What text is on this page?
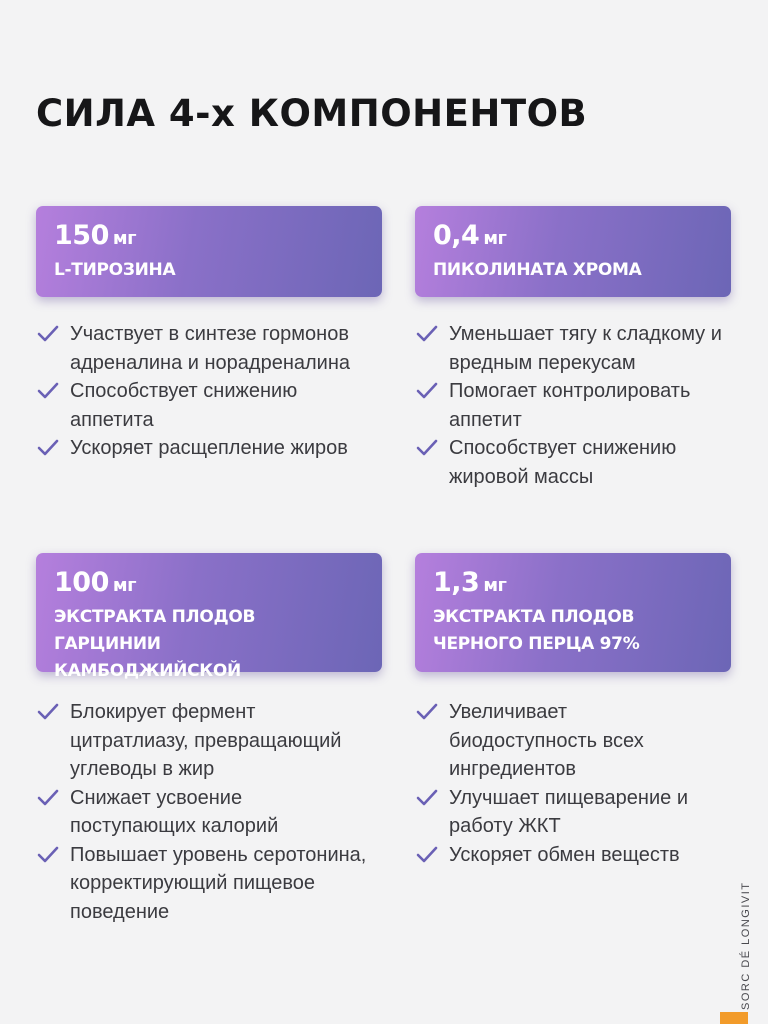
СИЛА 4-х КОМПОНЕНТОВ
150 мг
L-ТИРОЗИНА
Участвует в синтезе гормонов адреналина и норадреналина
Способствует снижению аппетита
Ускоряет расщепление жиров
0,4 мг
ПИКОЛИНАТА ХРОМА
Уменьшает тягу к сладкому и вредным перекусам
Помогает контролировать аппетит
Способствует снижению жировой массы
100 мг
ЭКСТРАКТА ПЛОДОВ ГАРЦИНИИ
КАМБОДЖИЙСКОЙ
Блокирует фермент цитратлиазу, превращающий углеводы в жир
Снижает усвоение поступающих калорий
Повышает уровень серотонина, корректирующий пищевое поведение
1,3 мг
ЭКСТРАКТА ПЛОДОВ
ЧЕРНОГО ПЕРЦА 97%
Увеличивает биодоступность всех ингредиентов
Улучшает пищеварение и работу ЖКТ
Ускоряет обмен веществ
SORC DÉ LONGIVIT
